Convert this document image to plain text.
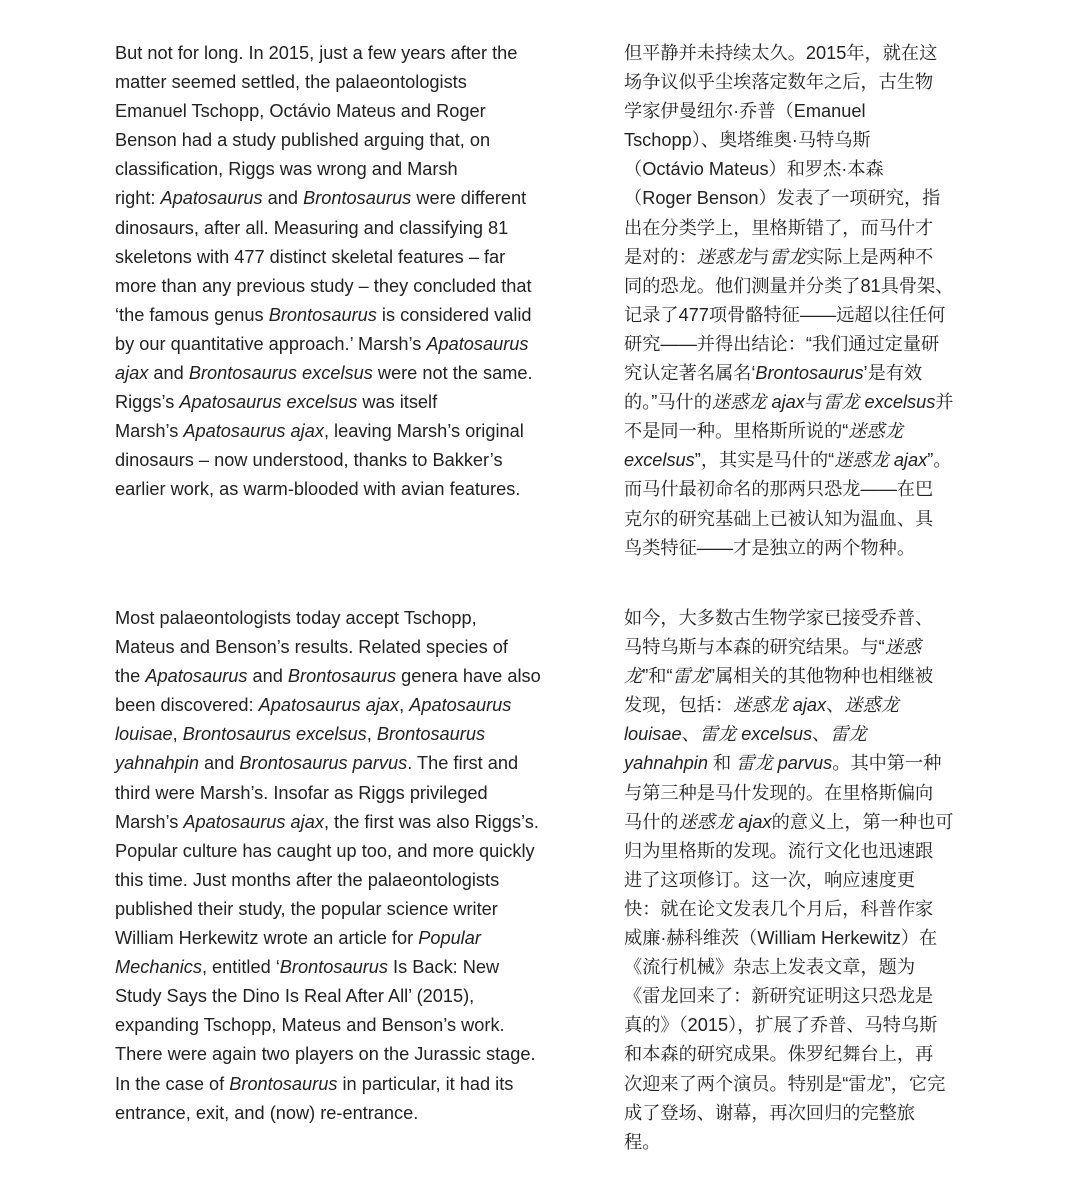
But not for long. In 2015, just a few years after the
matter seemed settled, the palaeontologists
Emanuel Tschopp, Octávio Mateus and Roger
Benson had a study published arguing that, on
classification, Riggs was wrong and Marsh
right: Apatosaurus and Brontosaurus were different
dinosaurs, after all. Measuring and classifying 81
skeletons with 477 distinct skeletal features – far
more than any previous study – they concluded that
‘the famous genus Brontosaurus is considered valid
by our quantitative approach.’ Marsh’s Apatosaurus
ajax and Brontosaurus excelsus were not the same.
Riggs’s Apatosaurus excelsus was itself
Marsh’s Apatosaurus ajax, leaving Marsh’s original
dinosaurs – now understood, thanks to Bakker’s
earlier work, as warm-blooded with avian features.
但平静并未持续太久。2015年，就在这
场争议似乎尘埃落定数年之后，古生物
学家伊曼纽尔·乔普（Emanuel
Tschopp）、奥塔维奥·马特乌斯
（Octávio Mateus）和罗杰·本森
（Roger Benson）发表了一项研究，指
出在分类学上，里格斯错了，而马什才
是对的：迷惑龙与雷龙实际上是两种不
同的恐龙。他们测量并分类了81具骨架、
记录了477项骨骼特征——远超以往任何
研究——并得出结论：“我们通过定量研
究认定著名属名‘Brontosaurus’是有效
的。”马什的迷惑龙 ajax与雷龙 excelsus并
不是同一种。里格斯所说的“迷惑龙
excelsus”，其实是马什的“迷惑龙 ajax”。
而马什最初命名的那两只恐龙——在巴
克尔的研究基础上已被认知为温血、具
鸟类特征——才是独立的两个物种。
Most palaeontologists today accept Tschopp,
Mateus and Benson’s results. Related species of
the Apatosaurus and Brontosaurus genera have also
been discovered: Apatosaurus ajax, Apatosaurus
louisae, Brontosaurus excelsus, Brontosaurus
yahnahpin and Brontosaurus parvus. The first and
third were Marsh’s. Insofar as Riggs privileged
Marsh’s Apatosaurus ajax, the first was also Riggs’s.
Popular culture has caught up too, and more quickly
this time. Just months after the palaeontologists
published their study, the popular science writer
William Herkewitz wrote an article for Popular
Mechanics, entitled ‘Brontosaurus Is Back: New
Study Says the Dino Is Real After All’ (2015),
expanding Tschopp, Mateus and Benson’s work.
There were again two players on the Jurassic stage.
In the case of Brontosaurus in particular, it had its
entrance, exit, and (now) re-entrance.
如今，大多数古生物学家已接受乔普、
马特乌斯与本森的研究结果。与“迷惑
龙”和“雷龙”属相关的其他物种也相继被
发现，包括：迷惑龙 ajax、迷惑龙
louisae、雷龙 excelsus、雷龙
yahnahpin 和 雷龙 parvus。其中第一种
与第三种是马什发现的。在里格斯偏向
马什的迷惑龙 ajax的意义上，第一种也可
归为里格斯的发现。流行文化也迅速跟
进了这项修订。这一次，响应速度更
快：就在论文发表几个月后，科普作家
威廉·赫科维茨（William Herkewitz）在
《流行机械》杂志上发表文章，题为
《雷龙回来了：新研究证明这只恐龙是
真的》（2015），扩展了乔普、马特乌斯
和本森的研究成果。侏罗纪舞台上，再
次迎来了两个演员。特别是“雷龙”，它完
成了登场、谢幕，再次回归的完整旅
程。
